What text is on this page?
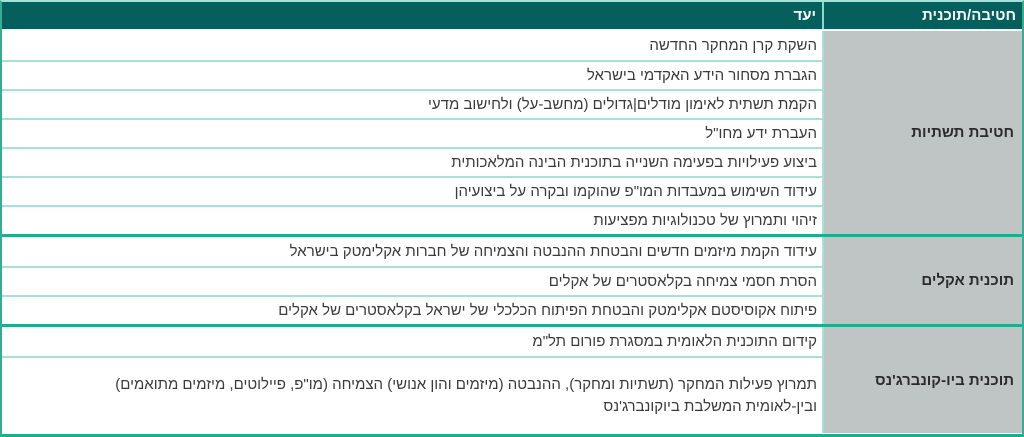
חטיבה/תוכנית
יעד
חטיבת תשתיות
השקת קרן המחקר החדשה
הגברת מסחור הידע האקדמי בישראל
הקמת תשתית לאימון מודלים|גדולים (מחשב-על) ולחישוב מדעי
העברת ידע מחו"ל
ביצוע פעילויות בפעימה השנייה בתוכנית הבינה המלאכותית
עידוד השימוש במעבדות המו"פ שהוקמו ובקרה על ביצועיהן
זיהוי ותמרוץ של טכנולוגיות מפציעות
תוכנית אקלים
עידוד הקמת מיזמים חדשים והבטחת ההנבטה והצמיחה של חברות אקלימטק בישראל
הסרת חסמי צמיחה בקלאסטרים של אקלים
פיתוח אקוסיסטם אקלימטק והבטחת הפיתוח הכלכלי של ישראל בקלאסטרים של אקלים
תוכנית ביו-קונברג'נס
קידום התוכנית הלאומית במסגרת פורום תל"מ
תמרוץ פעילות המחקר (תשתיות ומחקר), ההנבטה (מיזמים והון אנושי) הצמיחה (מו"פ, פיילוטים, מיזמים מתואמים)
ובין-לאומית המשלבת ביוקונברג'נס
